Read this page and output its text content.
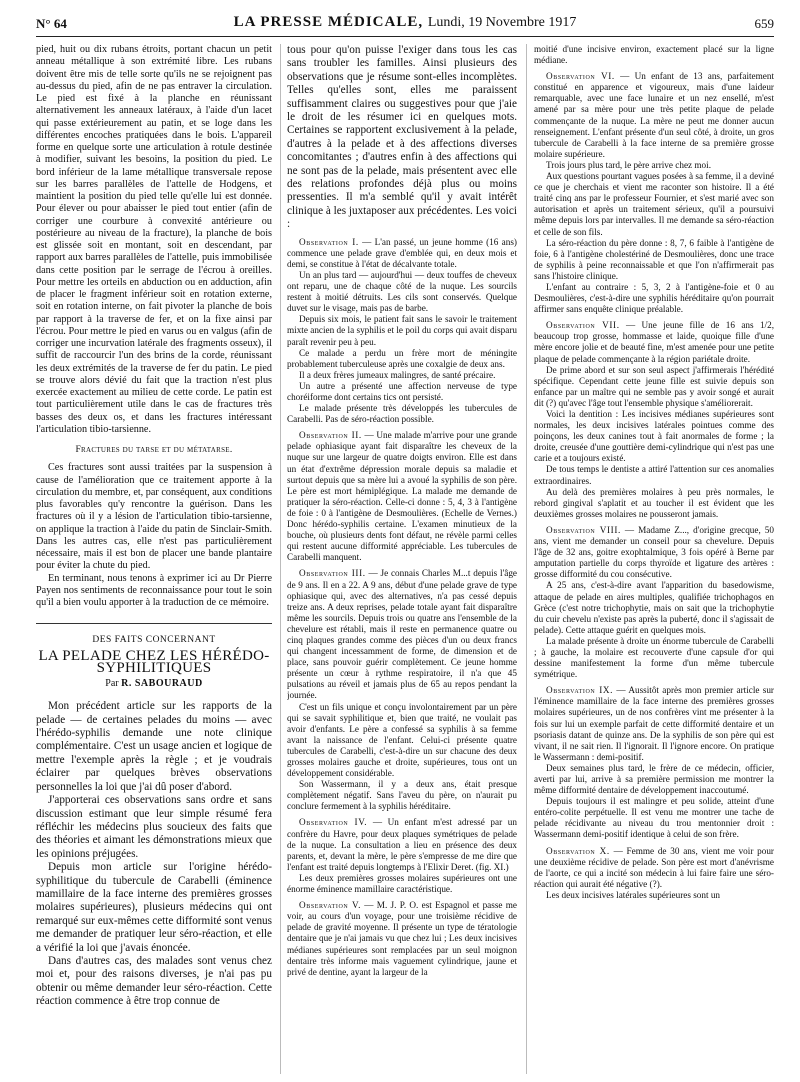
N° 64	LA PRESSE MÉDICALE, Lundi, 19 Novembre 1917	659

pied, huit ou dix rubans étroits, portant chacun un petit anneau métallique à son extrémité libre. Les rubans doivent être mis de telle sorte qu'ils ne se rejoignent pas au-dessus du pied, afin de ne pas entraver la circulation. Le pied est fixé à la planche en réunissant alternativement les anneaux latéraux, à l'aide d'un lacet qui passe extérieurement au patin, et se loge dans les différentes encoches pratiquées dans le bois. L'appareil forme en quelque sorte une articulation à rotule destinée à modifier, suivant les besoins, la position du pied. Le bord inférieur de la lame métallique transversale repose sur les barres parallèles de l'attelle de Hodgens, et maintient la position du pied telle qu'elle lui est donnée. Pour élever ou pour abaisser le pied tout entier (afin de corriger une courbure à convexité antérieure ou postérieure au niveau de la fracture), la planche de bois est glissée soit en montant, soit en descendant, par rapport aux barres parallèles de l'attelle, puis immobilisée dans cette position par le serrage de l'écrou à oreilles. Pour mettre les orteils en abduction ou en adduction, afin de placer le fragment inférieur soit en rotation externe, soit en rotation interne, on fait pivoter la planche de bois par rapport à la traverse de fer, et on la fixe ainsi par l'écrou. Pour mettre le pied en varus ou en valgus (afin de corriger une incurvation latérale des fragments osseux), il suffit de raccourcir l'un des brins de la corde, réunissant les deux extrémités de la traverse de fer du patin. Le pied se trouve alors dévié du fait que la traction n'est plus exercée exactement au milieu de cette corde. Le patin est tout particulièrement utile dans le cas de fractures très basses des deux os, et dans les fractures intéressant l'articulation tibio-tarsienne.

Fractures du tarse et du métatarse.

Ces fractures sont aussi traitées par la suspension à cause de l'amélioration que ce traitement apporte à la circulation du membre, et, par conséquent, aux conditions plus favorables qu'y rencontre la guérison. Dans les fractures où il y a lésion de l'articulation tibio-tarsienne, on applique la traction à l'aide du patin de Sinclair-Smith. Dans les autres cas, elle n'est pas particulièrement nécessaire, mais il est bon de placer une bande plantaire pour éviter la chute du pied.

En terminant, nous tenons à exprimer ici au Dr Pierre Payen nos sentiments de reconnaissance pour tout le soin qu'il a bien voulu apporter à la traduction de ce mémoire.

DES FAITS CONCERNANT

LA PELADE CHEZ LES HÉRÉDO-SYPHILITIQUES

Par R. SABOURAUD

Mon précédent article sur les rapports de la pelade — de certaines pelades du moins — avec l'hérédo-syphilis demande une note clinique complémentaire. C'est un usage ancien et logique de mettre l'exemple après la règle ; et je voudrais éclairer par quelques brèves observations personnelles la loi que j'ai dû poser d'abord.

J'apporterai ces observations sans ordre et sans discussion estimant que leur simple résumé fera réfléchir les médecins plus soucieux des faits que des théories et aimant les démonstrations mieux que les opinions préjugées.

Depuis mon article sur l'origine hérédo-syphilitique du tubercule de Carabelli (éminence mamillaire de la face interne des premières grosses molaires supérieures), plusieurs médecins qui ont remarqué sur eux-mêmes cette difformité sont venus me demander de pratiquer leur séro-réaction, et elle a vérifié la loi que j'avais énoncée.

Dans d'autres cas, des malades sont venus chez moi et, pour des raisons diverses, je n'ai pas pu obtenir ou même demander leur séro-réaction. Cette réaction commence à être trop connue de

tous pour qu'on puisse l'exiger dans tous les cas sans troubler les familles. Ainsi plusieurs des observations que je résume sont-elles incomplètes. Telles qu'elles sont, elles me paraissent suffisamment claires ou suggestives pour que j'aie le droit de les résumer ici en quelques mots. Certaines se rapportent exclusivement à la pelade, d'autres à la pelade et à des affections diverses concomitantes ; d'autres enfin à des affections qui ne sont pas de la pelade, mais présentent avec elle des relations profondes déjà plus ou moins pressenties. Il m'a semblé qu'il y avait intérêt clinique à les juxtaposer aux précédentes. Les voici :

Observation I. — L'an passé, un jeune homme (16 ans) commence une pelade grave d'emblée qui, en deux mois et demi, se constitue à l'état de décalvante totale.

Un an plus tard — aujourd'hui — deux touffes de cheveux ont reparu, une de chaque côté de la nuque. Les sourcils restent à moitié détruits. Les cils sont conservés. Quelque duvet sur le visage, mais pas de barbe.

Depuis six mois, le patient fait sans le savoir le traitement mixte ancien de la syphilis et le poil du corps qui avait disparu paraît revenir peu à peu.

Ce malade a perdu un frère mort de méningite probablement tuberculeuse après une coxalgie de deux ans.

Il a deux frères jumeaux malingres, de santé précaire.

Un autre a présenté une affection nerveuse de type choréiforme dont certains tics ont persisté.

Le malade présente très développés les tubercules de Carabelli. Pas de séro-réaction possible.

Observation II. — Une malade m'arrive pour une grande pelade ophiasique ayant fait disparaître les cheveux de la nuque sur une largeur de quatre doigts environ. Elle est dans un état d'extrême dépression morale depuis sa maladie et surtout depuis que sa mère lui a avoué la syphilis de son père. Le père est mort hémiplégique. La malade me demande de pratiquer la séro-réaction. Celle-ci donne : 5, 4, 3 à l'antigène de foie : 0 à l'antigène de Desmoulières. (Echelle de Vernes.) Donc hérédo-syphilis certaine. L'examen minutieux de la bouche, où plusieurs dents font défaut, ne révèle parmi celles qui restent aucune difformité appréciable. Les tubercules de Carabelli manquent.

Observation III. — Je connais Charles M...t depuis l'âge de 9 ans. Il en a 22. A 9 ans, début d'une pelade grave de type ophiasique qui, avec des alternatives, n'a pas cessé depuis treize ans. A deux reprises, pelade totale ayant fait disparaître même les sourcils. Depuis trois ou quatre ans l'ensemble de la chevelure est rétabli, mais il reste en permanence quatre ou cinq plaques grandes comme des pièces d'un ou deux francs qui changent incessamment de forme, de dimension et de place, sans pouvoir guérir complètement. Ce jeune homme présente un cœur à rythme respiratoire, il n'a que 45 pulsations au réveil et jamais plus de 65 au repos pendant la journée.

C'est un fils unique et conçu involontairement par un père qui se savait syphilitique et, bien que traité, ne voulait pas avoir d'enfants. Le père a confessé sa syphilis à sa femme avant la naissance de l'enfant. Celui-ci présente quatre tubercules de Carabelli, c'est-à-dire un sur chacune des deux grosses molaires gauche et droite, supérieures, tous ont un développement considérable.

Son Wassermann, il y a deux ans, était presque complètement négatif. Sans l'aveu du père, on n'aurait pu conclure fermement à la syphilis héréditaire.

Observation IV. — Un enfant m'est adressé par un confrère du Havre, pour deux plaques symétriques de pelade de la nuque. La consultation a lieu en présence des deux parents, et, devant la mère, le père s'empresse de me dire que l'enfant est traité depuis longtemps à l'Elixir Deret. (fig. XI.)

Les deux premières grosses molaires supérieures ont une énorme éminence mamillaire caractéristique.

Observation V. — M. J. P. O. est Espagnol et passe me voir, au cours d'un voyage, pour une troisième récidive de pelade de gravité moyenne. Il présente un type de tératologie dentaire que je n'ai jamais vu que chez lui ; Les deux incisives médianes supérieures sont remplacées par un seul moignon dentaire très informe mais vaguement cylindrique, jaune et privé de dentine, ayant la largeur de la

moitié d'une incisive environ, exactement placé sur la ligne médiane.

Observation VI. — Un enfant de 13 ans, parfaitement constitué en apparence et vigoureux, mais d'une laideur remarquable, avec une face lunaire et un nez ensellé, m'est amené par sa mère pour une très petite plaque de pelade commençante de la nuque. La mère ne peut me donner aucun renseignement. L'enfant présente d'un seul côté, à droite, un gros tubercule de Carabelli à la face interne de sa première grosse molaire supérieure.

Trois jours plus tard, le père arrive chez moi.

Aux questions pourtant vagues posées à sa femme, il a deviné ce que je cherchais et vient me raconter son histoire. Il a été traité cinq ans par le professeur Fournier, et s'est marié avec son autorisation et après un traitement sérieux, qu'il a poursuivi même depuis lors par intervalles. Il me demande sa séro-réaction et celle de son fils.

La séro-réaction du père donne : 8, 7, 6 faible à l'antigène de foie, 6 à l'antigène cholestériné de Desmoulières, donc une trace de syphilis à peine reconnaissable et que l'on n'affirmerait pas sans l'histoire clinique.

L'enfant au contraire : 5, 3, 2 à l'antigène-foie et 0 au Desmoulières, c'est-à-dire une syphilis héréditaire qu'on pourrait affirmer sans enquête clinique préalable.

Observation VII. — Une jeune fille de 16 ans 1/2, beaucoup trop grosse, hommasse et laide, quoique fille d'une mère encore jolie et de beauté fine, m'est amenée pour une petite plaque de pelade commençante à la région pariétale droite.

De prime abord et sur son seul aspect j'affirmerais l'hérédité spécifique. Cependant cette jeune fille est suivie depuis son enfance par un maître qui ne semble pas y avoir songé et aurait dit (?) qu'avec l'âge tout l'ensemble physique s'améliorerait.

Voici la dentition : Les incisives médianes supérieures sont normales, les deux incisives latérales pointues comme des poinçons, les deux canines tout à fait anormales de forme ; la droite, creusée d'une gouttière demi-cylindrique qui n'est pas une carie et a toujours existé.

De tous temps le dentiste a attiré l'attention sur ces anomalies extraordinaires.

Au delà des premières molaires à peu près normales, le rebord gingival s'aplatit et au toucher il est évident que les deuxièmes grosses molaires ne pousseront jamais.

Observation VIII. — Madame Z..., d'origine grecque, 50 ans, vient me demander un conseil pour sa chevelure. Depuis l'âge de 32 ans, goitre exophtalmique, 3 fois opéré à Berne par amputation partielle du corps thyroïde et ligature des artères : grosse difformité du cou consécutive.

A 25 ans, c'est-à-dire avant l'apparition du basedowisme, attaque de pelade en aires multiples, qualifiée trichophagos en Grèce (c'est notre trichophytie, mais on sait que la trichophytie du cuir chevelu n'existe pas après la puberté, donc il s'agissait de pelade). Cette attaque guérit en quelques mois.

La malade présente à droite un énorme tubercule de Carabelli ; à gauche, la molaire est recouverte d'une capsule d'or qui dessine manifestement la forme d'un même tubercule symétrique.

Observation IX. — Aussitôt après mon premier article sur l'éminence mamillaire de la face interne des premières grosses molaires supérieures, un de nos confrères vint me présenter à la fois sur lui un exemple parfait de cette difformité dentaire et un psoriasis datant de quinze ans. De la syphilis de son père qui est vivant, il ne sait rien. Il l'ignorait. Il l'ignore encore. On pratique le Wassermann : demi-positif.

Deux semaines plus tard, le frère de ce médecin, officier, averti par lui, arrive à sa première permission me montrer la même difformité dentaire de développement inaccoutumé.

Depuis toujours il est malingre et peu solide, atteint d'une entéro-colite perpétuelle. Il est venu me montrer une tache de pelade récidivante au niveau du trou mentonnier droit : Wassermann demi-positif identique à celui de son frère.

Observation X. — Femme de 30 ans, vient me voir pour une deuxième récidive de pelade. Son père est mort d'anévrisme de l'aorte, ce qui a incité son médecin à lui faire faire une séro-réaction qui aurait été négative (?).

Les deux incisives latérales supérieures sont un
